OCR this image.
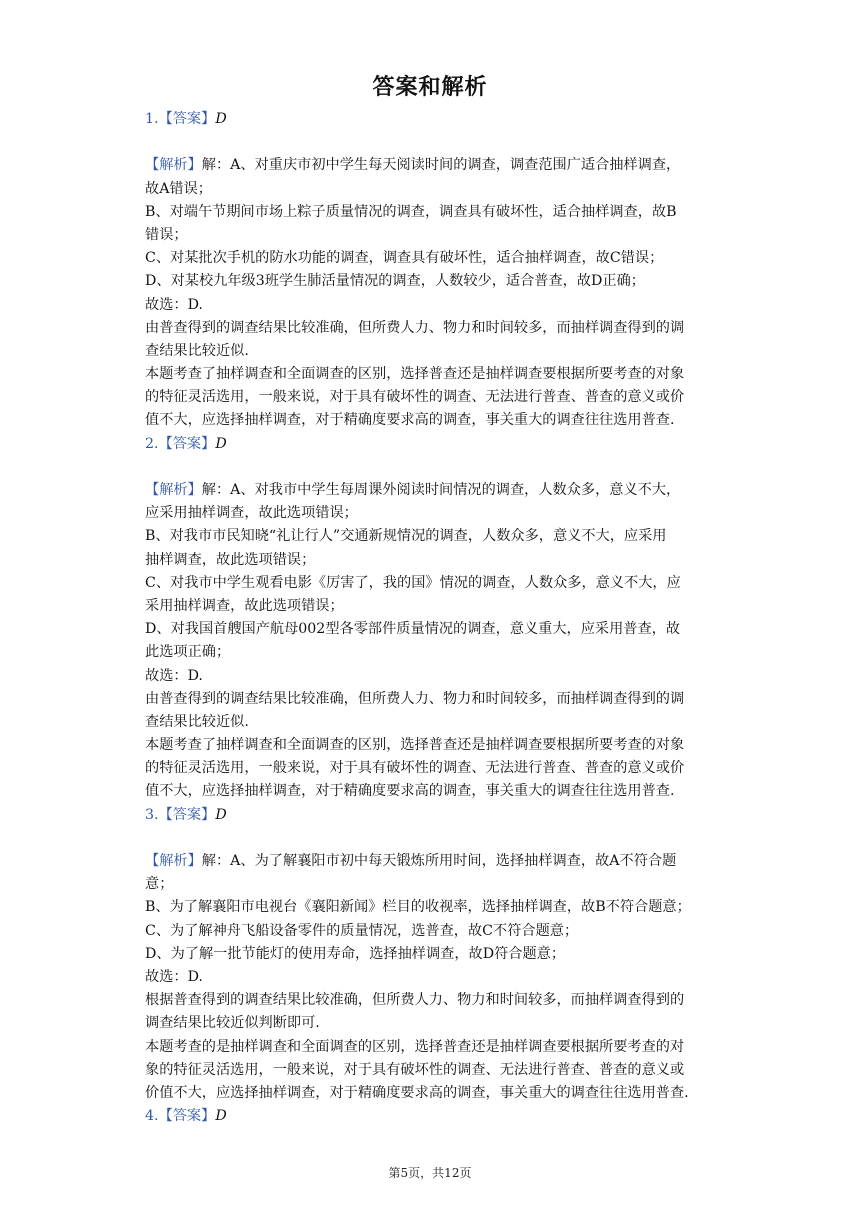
答案和解析
1.【答案】D
【解析】解：A、对重庆市初中学生每天阅读时间的调查，调查范围广适合抽样调查，
故A错误；
B、对端午节期间市场上粽子质量情况的调查，调查具有破坏性，适合抽样调查，故B
错误；
C、对某批次手机的防水功能的调查，调查具有破坏性，适合抽样调查，故C错误；
D、对某校九年级3班学生肺活量情况的调查，人数较少，适合普查，故D正确；
故选：D.
由普查得到的调查结果比较准确，但所费人力、物力和时间较多，而抽样调查得到的调
查结果比较近似.
本题考查了抽样调查和全面调查的区别，选择普查还是抽样调查要根据所要考查的对象
的特征灵活选用，一般来说，对于具有破坏性的调查、无法进行普查、普查的意义或价
值不大，应选择抽样调查，对于精确度要求高的调查，事关重大的调查往往选用普查.
2.【答案】D
【解析】解：A、对我市中学生每周课外阅读时间情况的调查，人数众多，意义不大，
应采用抽样调查，故此选项错误；
B、对我市市民知晓“礼让行人”交通新规情况的调查，人数众多，意义不大，应采用
抽样调查，故此选项错误；
C、对我市中学生观看电影《厉害了，我的国》情况的调查，人数众多，意义不大，应
采用抽样调查，故此选项错误；
D、对我国首艘国产航母002型各零部件质量情况的调查，意义重大，应采用普查，故
此选项正确；
故选：D.
由普查得到的调查结果比较准确，但所费人力、物力和时间较多，而抽样调查得到的调
查结果比较近似.
本题考查了抽样调查和全面调查的区别，选择普查还是抽样调查要根据所要考查的对象
的特征灵活选用，一般来说，对于具有破坏性的调查、无法进行普查、普查的意义或价
值不大，应选择抽样调查，对于精确度要求高的调查，事关重大的调查往往选用普查.
3.【答案】D
【解析】解：A、为了解襄阳市初中每天锻炼所用时间，选择抽样调查，故A不符合题
意；
B、为了解襄阳市电视台《襄阳新闻》栏目的收视率，选择抽样调查，故B不符合题意；
C、为了解神舟飞船设备零件的质量情况，选普查，故C不符合题意；
D、为了解一批节能灯的使用寿命，选择抽样调查，故D符合题意；
故选：D.
根据普查得到的调查结果比较准确，但所费人力、物力和时间较多，而抽样调查得到的
调查结果比较近似判断即可.
本题考查的是抽样调查和全面调查的区别，选择普查还是抽样调查要根据所要考查的对
象的特征灵活选用，一般来说，对于具有破坏性的调查、无法进行普查、普查的意义或
价值不大，应选择抽样调查，对于精确度要求高的调查，事关重大的调查往往选用普查.
4.【答案】D
第5页，共12页
